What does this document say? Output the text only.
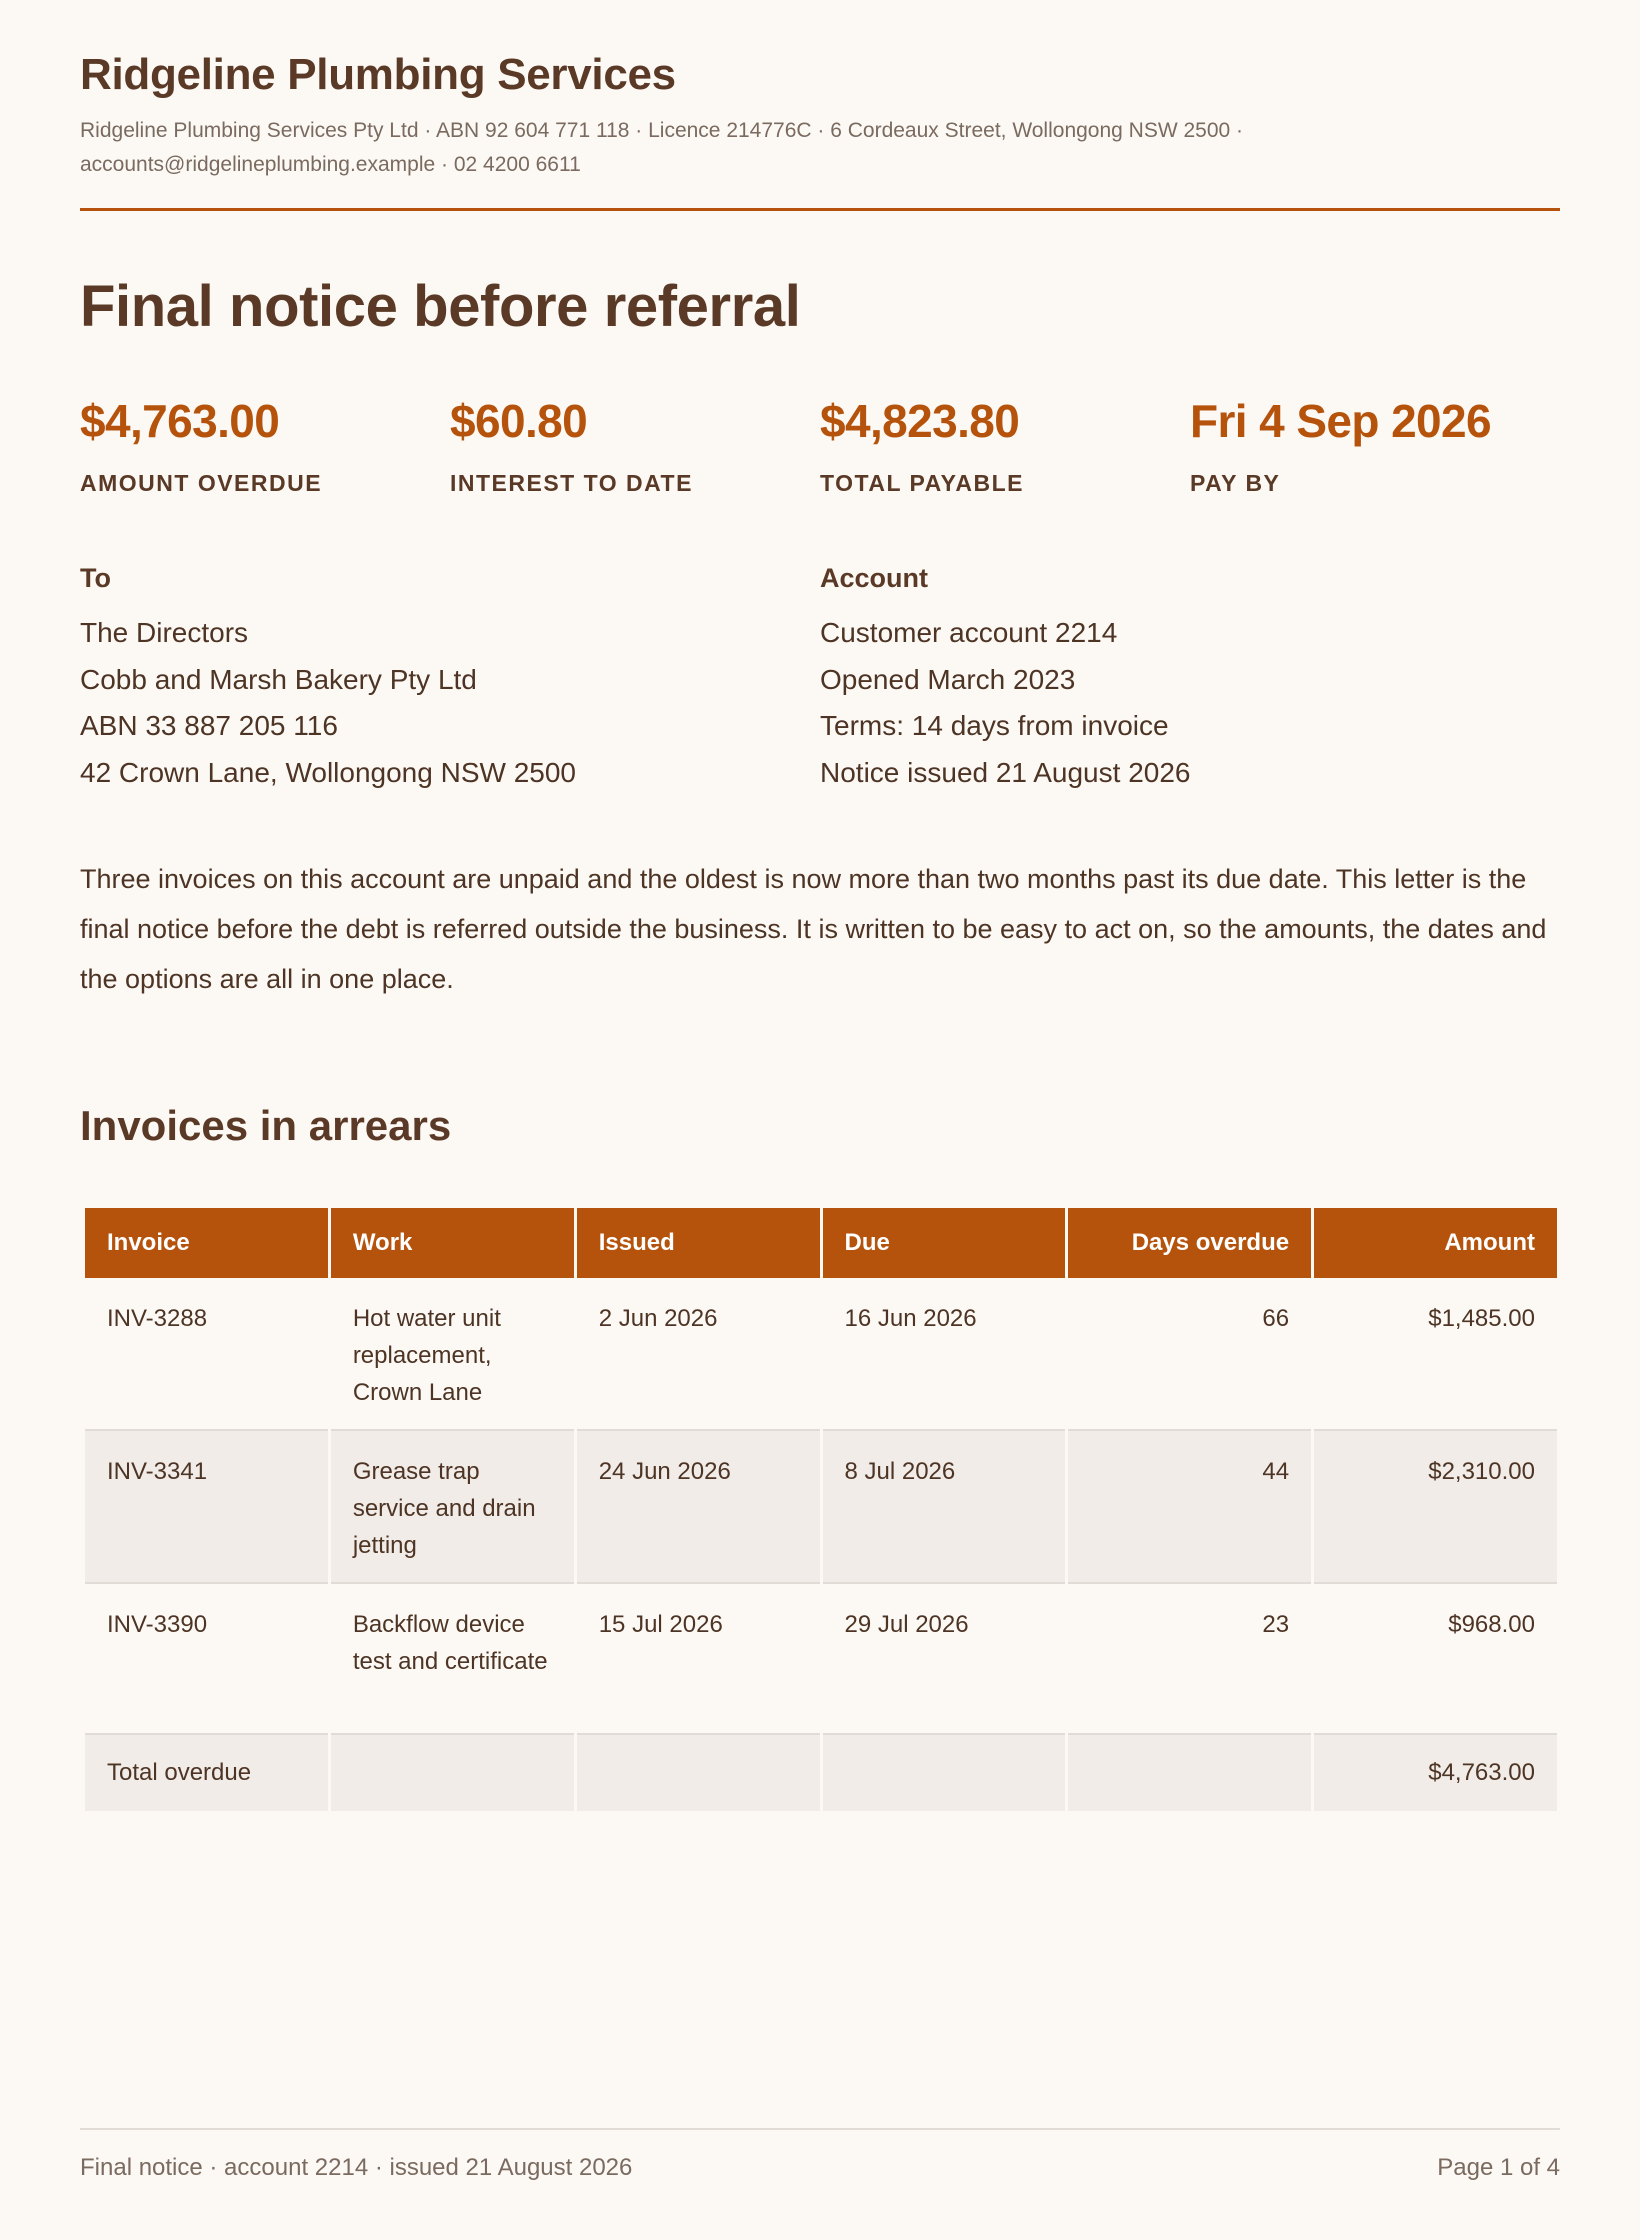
Ridgeline Plumbing Services
Ridgeline Plumbing Services Pty Ltd · ABN 92 604 771 118 · Licence 214776C · 6 Cordeaux Street, Wollongong NSW 2500 ·
accounts@ridgelineplumbing.example · 02 4200 6611
Final notice before referral
$4,763.00
AMOUNT OVERDUE
$60.80
INTEREST TO DATE
$4,823.80
TOTAL PAYABLE
Fri 4 Sep 2026
PAY BY
To
The Directors
Cobb and Marsh Bakery Pty Ltd
ABN 33 887 205 116
42 Crown Lane, Wollongong NSW 2500
Account
Customer account 2214
Opened March 2023
Terms: 14 days from invoice
Notice issued 21 August 2026

Three invoices on this account are unpaid and the oldest is now more than two months past its due date. This letter is the final notice before the debt is referred outside the business. It is written to be easy to act on, so the amounts, the dates and the options are all in one place.

Invoices in arrears
Invoice	Work	Issued	Due	Days overdue	Amount
INV-3288	Hot water unit replacement, Crown Lane	2 Jun 2026	16 Jun 2026	66	$1,485.00
INV-3341	Grease trap service and drain jetting	24 Jun 2026	8 Jul 2026	44	$2,310.00
INV-3390	Backflow device test and certificate	15 Jul 2026	29 Jul 2026	23	$968.00
Total overdue					$4,763.00
Final notice · account 2214 · issued 21 August 2026	Page 1 of 4
